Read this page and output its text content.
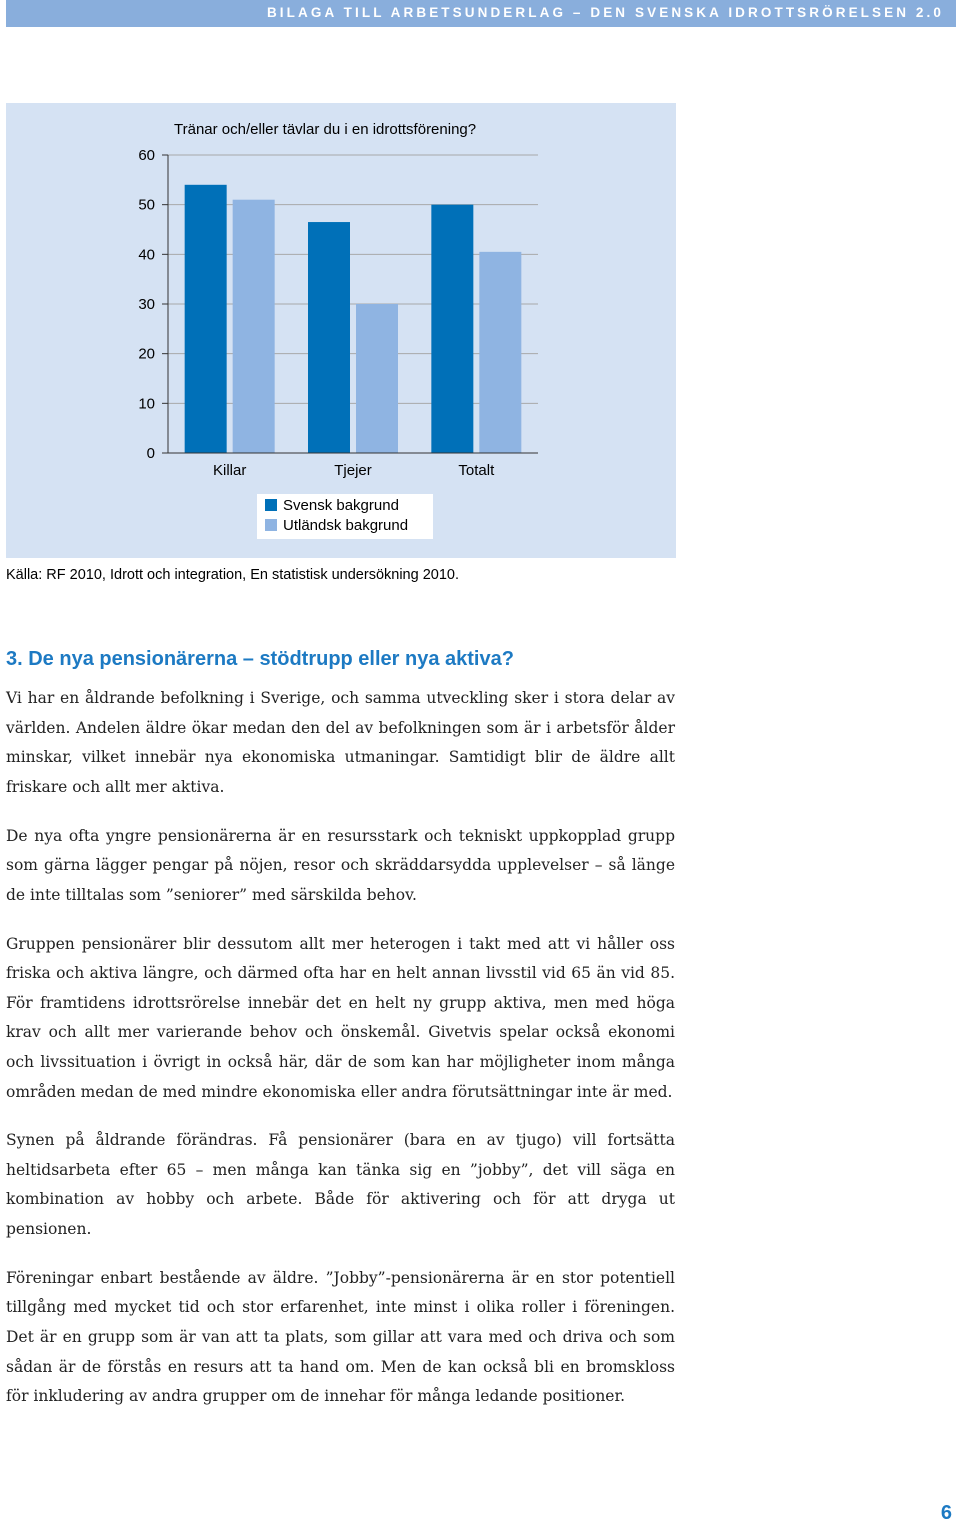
BILAGA TILL ARBETSUNDERLAG – DEN SVENSKA IDROTTSRÖRELSEN 2.0
Tränar och/eller tävlar du i en idrottsförening?
0
10
20
30
40
50
60
Killar	Tjejer	Totalt
Svensk bakgrund
Utländsk bakgrund
Källa: RF 2010, Idrott och integration, En statistisk undersökning 2010.
3. De nya pensionärerna – stödtrupp eller nya aktiva?

Vi har en åldrande befolkning i Sverige, och samma utveckling sker i stora delar av världen. Andelen äldre ökar medan den del av befolkningen som är i arbetsför ålder minskar, vilket innebär nya ekonomiska utmaningar. Samtidigt blir de äldre allt friskare och allt mer aktiva.

De nya ofta yngre pensionärerna är en resursstark och tekniskt uppkopplad grupp som gärna lägger pengar på nöjen, resor och skräddarsydda upplevelser – så länge de inte tilltalas som ”seniorer” med särskilda behov.

Gruppen pensionärer blir dessutom allt mer heterogen i takt med att vi håller oss friska och aktiva längre, och därmed ofta har en helt annan livsstil vid 65 än vid 85. För framtidens idrottsrörelse innebär det en helt ny grupp aktiva, men med höga krav och allt mer varierande behov och önskemål. Givetvis spelar också ekonomi och livssituation i övrigt in också här, där de som kan har möjligheter inom många områden medan de med mindre ekonomiska eller andra förutsättningar inte är med.

Synen på åldrande förändras. Få pensionärer (bara en av tjugo) vill fortsätta heltidsarbeta efter 65 – men många kan tänka sig en ”jobby”, det vill säga en kombination av hobby och arbete. Både för aktivering och för att dryga ut pensionen.

Föreningar enbart bestående av äldre. ”Jobby”-pensionärerna är en stor potentiell tillgång med mycket tid och stor erfarenhet, inte minst i olika roller i föreningen. Det är en grupp som är van att ta plats, som gillar att vara med och driva och som sådan är de förstås en resurs att ta hand om. Men de kan också bli en bromskloss för inkludering av andra grupper om de innehar för många ledande positioner.

6
